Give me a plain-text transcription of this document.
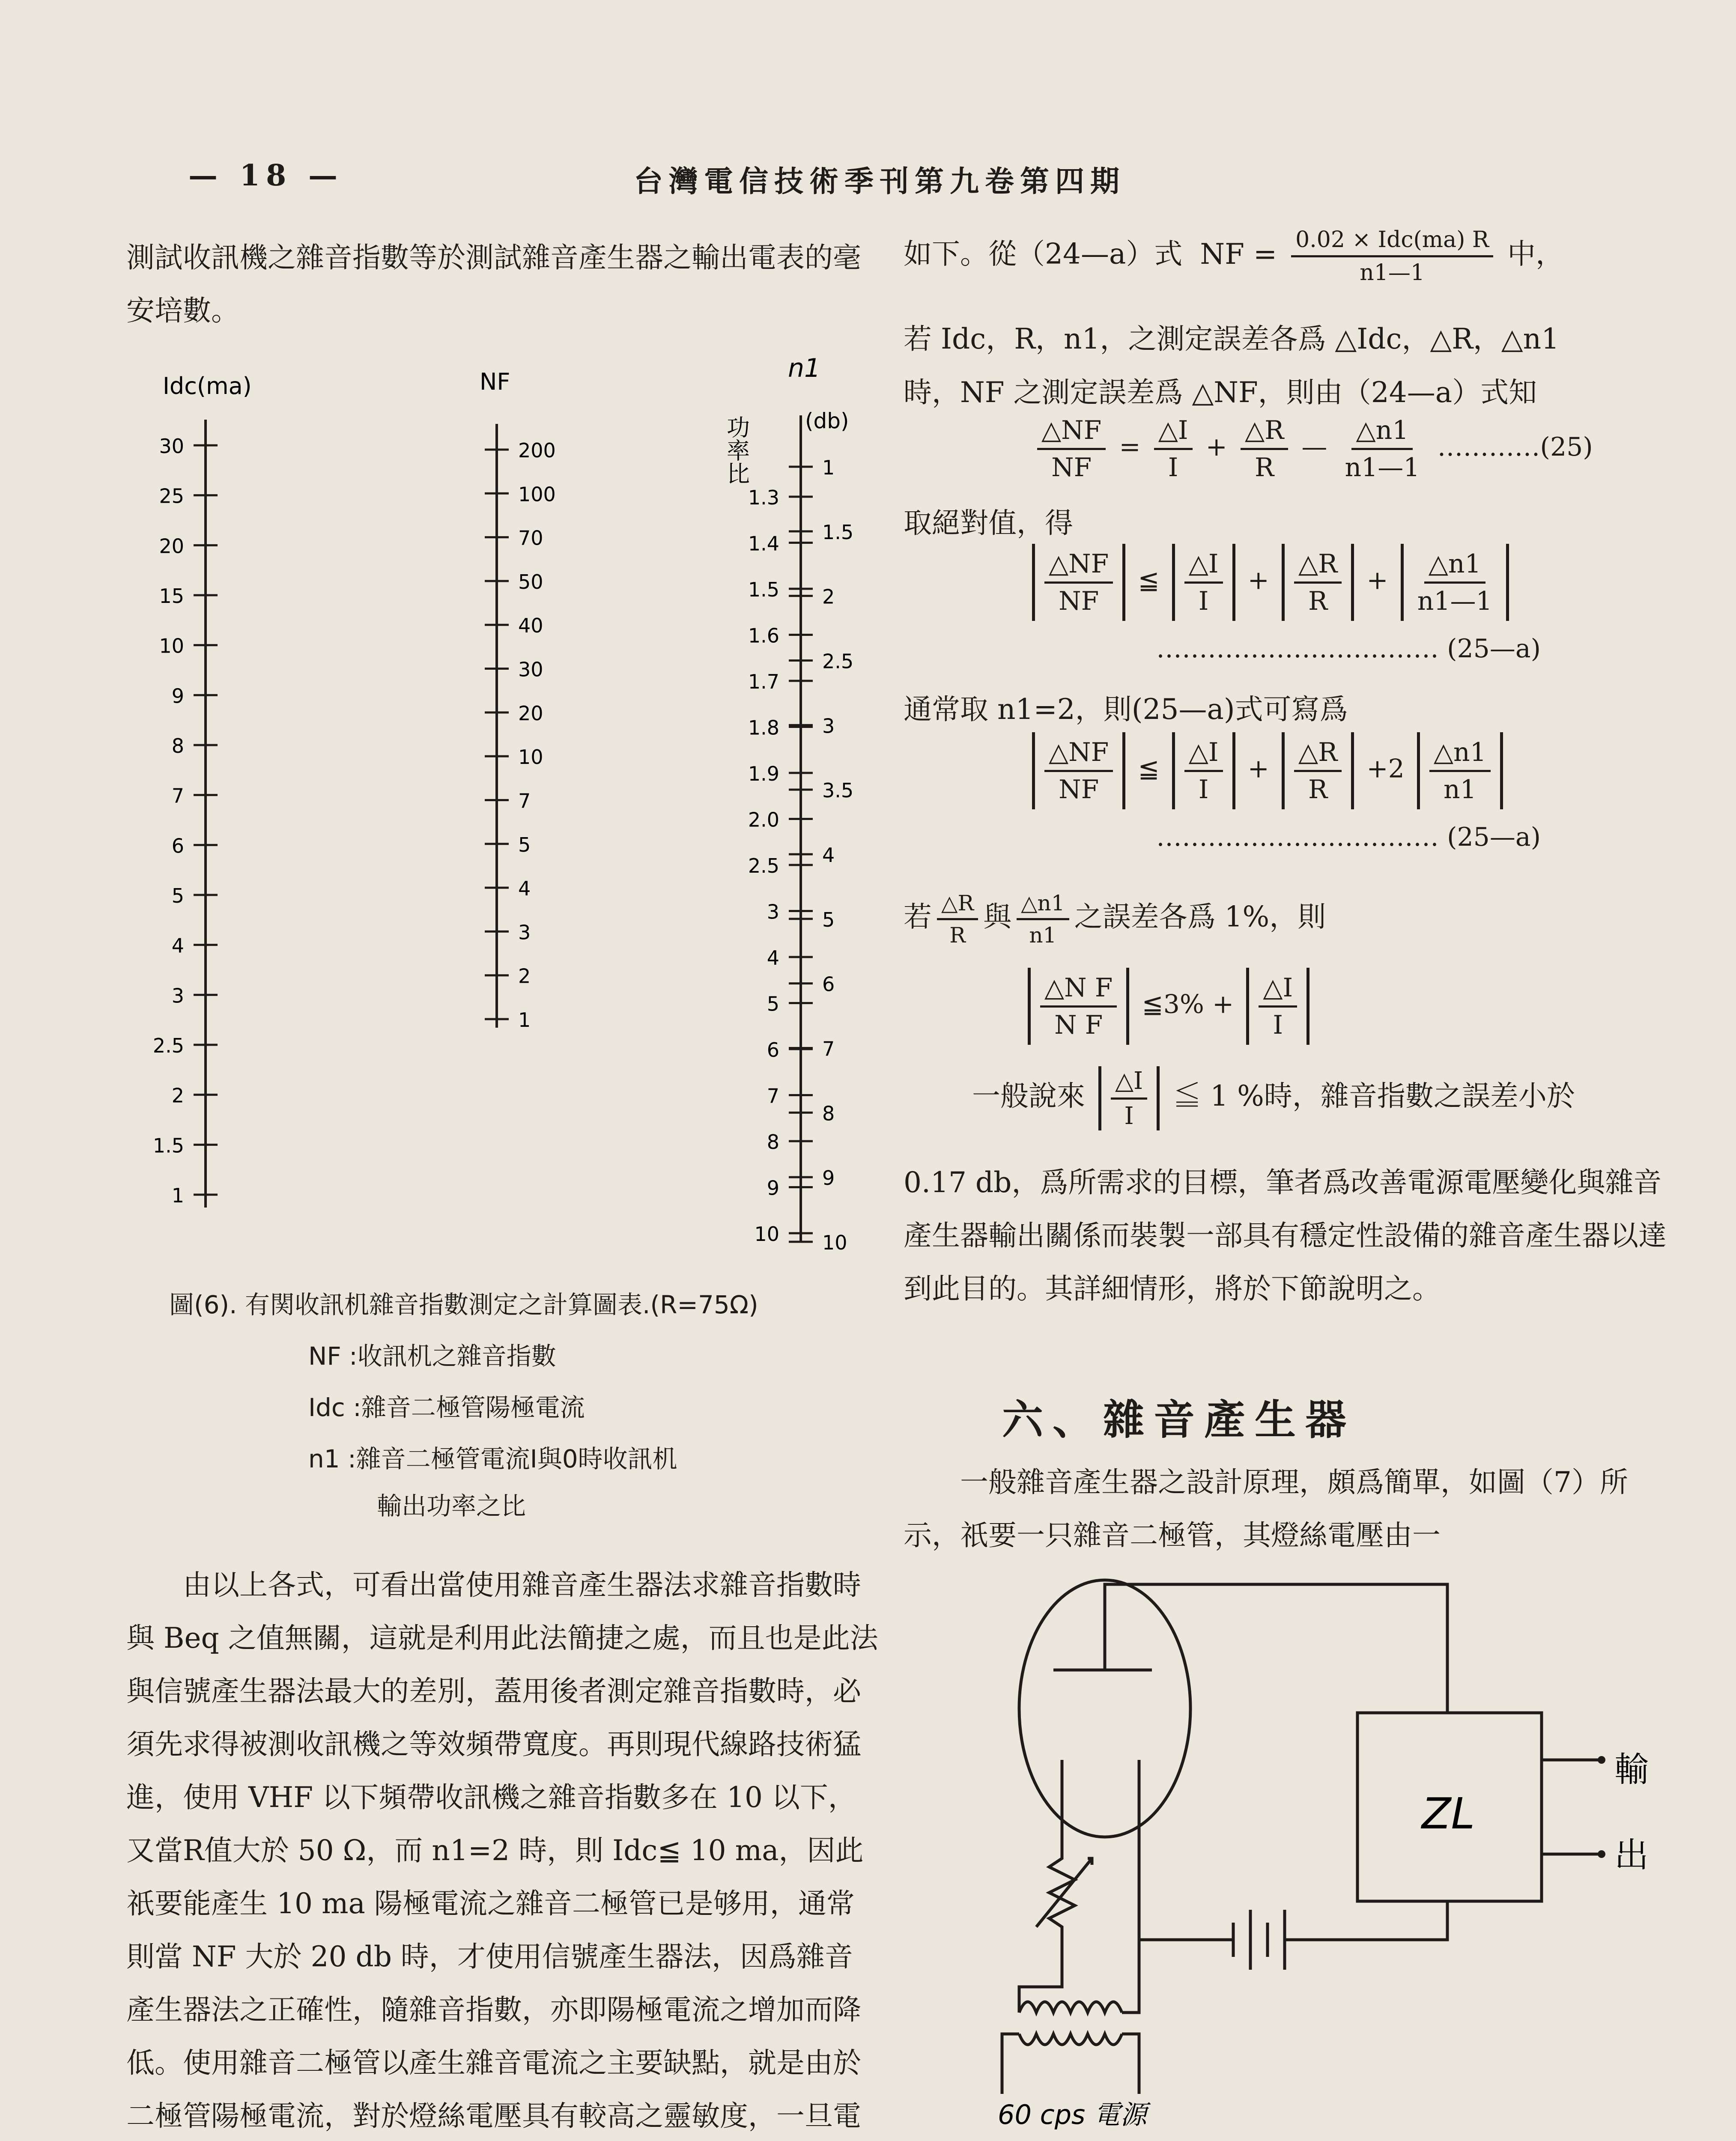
— 18 —	台灣電信技術季刊第九卷第四期
測試收訊機之雜音指數等於測試雜音產生器之輸出電表的毫安培數。
30
25
20
15
10
9
8
7
6
5
4
3
2.5
2
1.5
1
200
100
70
50
40
30
20
10
7
5
4
3
2
1
1.3
1.4
1.5
1.6
1.7
1.8
1.9
2.0
2.5
3
4
5
6
7
8
9
10
1
1.5
2
2.5
3
3.5
4
5
6
7
8
9
10
Idc(ma)	NF	n1
功率比	(db)
圖(6). 有関收訊机雜音指數測定之計算圖表.(R=75Ω)
NF :收訊机之雜音指數
Idc :雜音二極管陽極電流
n1 :雜音二極管電流I與0時收訊机
輸出功率之比
由以上各式，可看出當使用雜音產生器法求雜音指數時與 Beq 之值無關，這就是利用此法簡捷之處，而且也是此法與信號產生器法最大的差別，蓋用後者測定雜音指數時，必須先求得被測收訊機之等效頻帶寬度。再則現代線路技術猛進，使用 VHF 以下頻帶收訊機之雜音指數多在 10 以下，又當R值大於 50 Ω，而 n1=2 時，則 Idc≦ 10 ma，因此祇要能產生 10 ma 陽極電流之雜音二極管已是够用，通常則當 NF 大於 20 db 時，才使用信號產生器法，因爲雜音產生器法之正確性，隨雜音指數，亦即陽極電流之增加而降低。使用雜音二極管以產生雜音電流之主要缺點，就是由於二極管陽極電流，對於燈絲電壓具有較高之靈敏度，一旦電
如下。從（24—a）式 NF = $\frac{\text{0.02 × Idc(ma) R}}{n1—1}$ 中，
若 Idc，R，n1，之測定誤差各爲 △Idc，△R，△n1
時，NF 之測定誤差爲 △NF，則由（24—a）式知
$\frac{\triangle NF}{NF} = \frac{\triangle I}{I} + \frac{\triangle R}{R}$ — $\frac{\triangle n1}{n1—1}$ …………(25)
取絕對值，得
$\frac{\triangle NF}{NF}$ ≦ $\frac{\triangle I}{I} + \frac{\triangle R}{R} + \frac{\triangle n1}{n1—1}$
…………………………… (25—a)
通常取 n1=2，則(25—a)式可寫爲
$\frac{\triangle NF}{NF}$ ≦ $\frac{\triangle I}{I} + \frac{\triangle R}{R} +2 \frac{\triangle n1}{n1}$
…………………………… (25—a)
若 $\frac{\triangle R}{R}$ 與 $\frac{\triangle n1}{n1}$ 之誤差各爲 1%，則
$\frac{\text{△N F}}{\text{N F}}$ ≦3% + $\frac{\triangle I}{I}$
一般說來 $\frac{\triangle I}{I}$ ≦ 1 %時，雜音指數之誤差小於
0.17 db，爲所需求的目標，筆者爲改善電源電壓變化與雜音產生器輸出關係而裝製一部具有穩定性設備的雜音產生器以達到此目的。其詳細情形，將於下節說明之。
六、雜音產生器
一般雜音產生器之設計原理，頗爲簡單，如圖（7）所示，祇要一只雜音二極管，其燈絲電壓由一
ZL
輸
出
60 cps 電源
